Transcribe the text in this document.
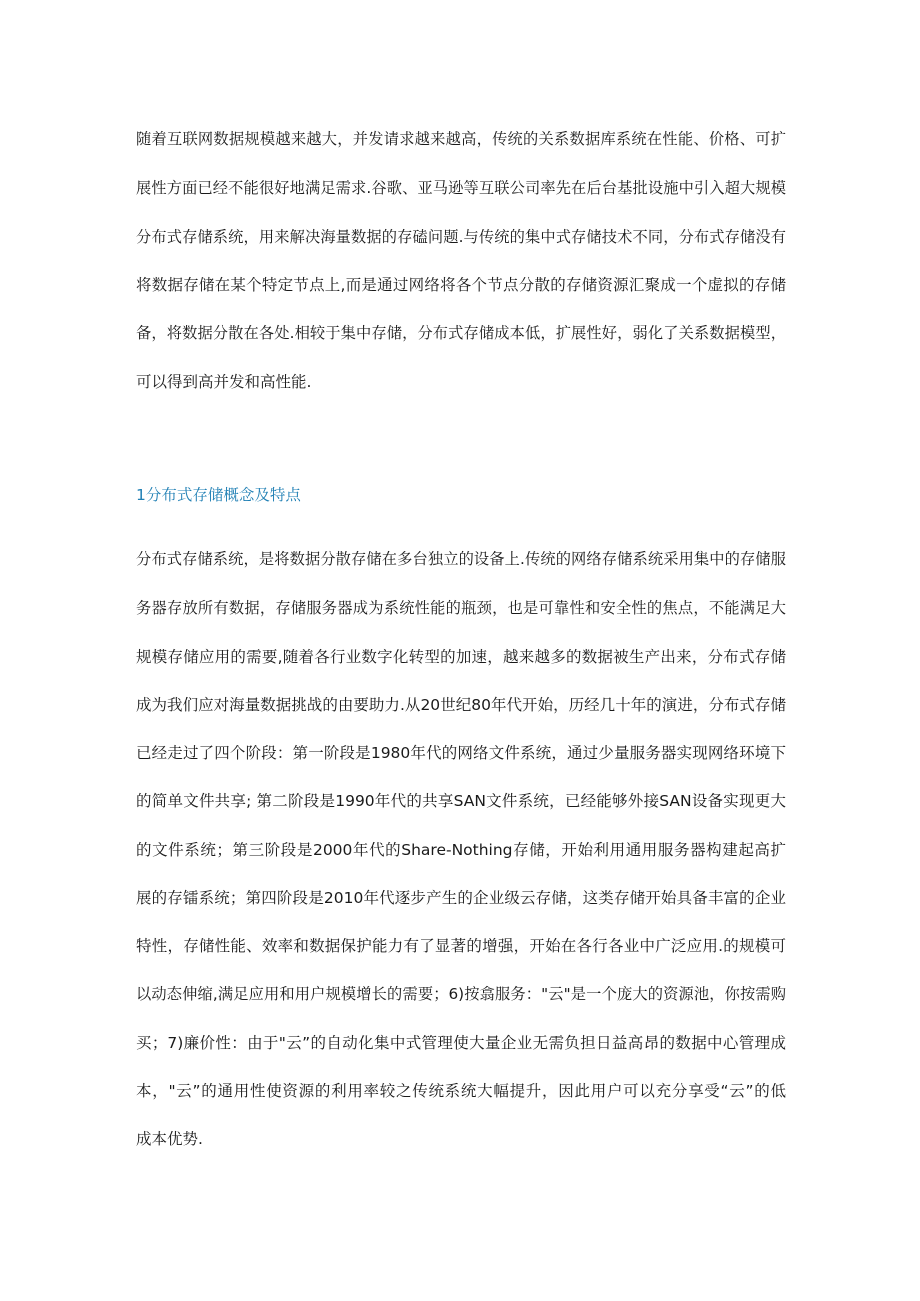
随着互联网数据规模越来越大，并发请求越来越高，传统的关系数据库系统在性能、价格、可扩
展性方面已经不能很好地满足需求.谷歌、亚马逊等互联公司率先在后台基批设施中引入超大规模
分布式存储系统，用来解决海量数据的存磕问题.与传统的集中式存储技术不同，分布式存储没有
将数据存储在某个特定节点上,而是通过网络将各个节点分散的存储资源汇聚成一个虚拟的存储
备，将数据分散在各处.相较于集中存储，分布式存储成本低，扩展性好，弱化了关系数据模型，
可以得到高并发和高性能.
1分布式存储概念及特点
分布式存储系统，是将数据分散存储在多台独立的设备上.传统的网络存储系统采用集中的存储服
务器存放所有数据，存储服务器成为系统性能的瓶颈，也是可靠性和安全性的焦点，不能满足大
规模存储应用的需要,随着各行业数字化转型的加速，越来越多的数据被生产出来，分布式存储
成为我们应对海量数据挑战的由要助力.从20世纪80年代开始，历经几十年的演进，分布式存储
已经走过了四个阶段：第一阶段是1980年代的网络文件系统，通过少量服务器实现网络环境下
的简单文件共享; 第二阶段是1990年代的共享SAN文件系统，已经能够外接SAN设备实现更大
的文件系统；第三阶段是2000年代的Share-Nothing存储，开始利用通用服务器构建起高扩
展的存镭系统；第四阶段是2010年代逐步产生的企业级云存储，这类存储开始具备丰富的企业
特性，存储性能、效率和数据保护能力有了显著的增强，开始在各行各业中广泛应用.的规模可
以动态伸缩,满足应用和用户规模增长的需要；6)按翕服务："云"是一个庞大的资源池，你按需购
买；7)廉价性：由于"云”的自动化集中式管理使大量企业无需负担日益高昂的数据中心管理成
本，"云”的通用性使资源的利用率较之传统系统大幅提升，因此用户可以充分享受“云”的低
成本优势.
